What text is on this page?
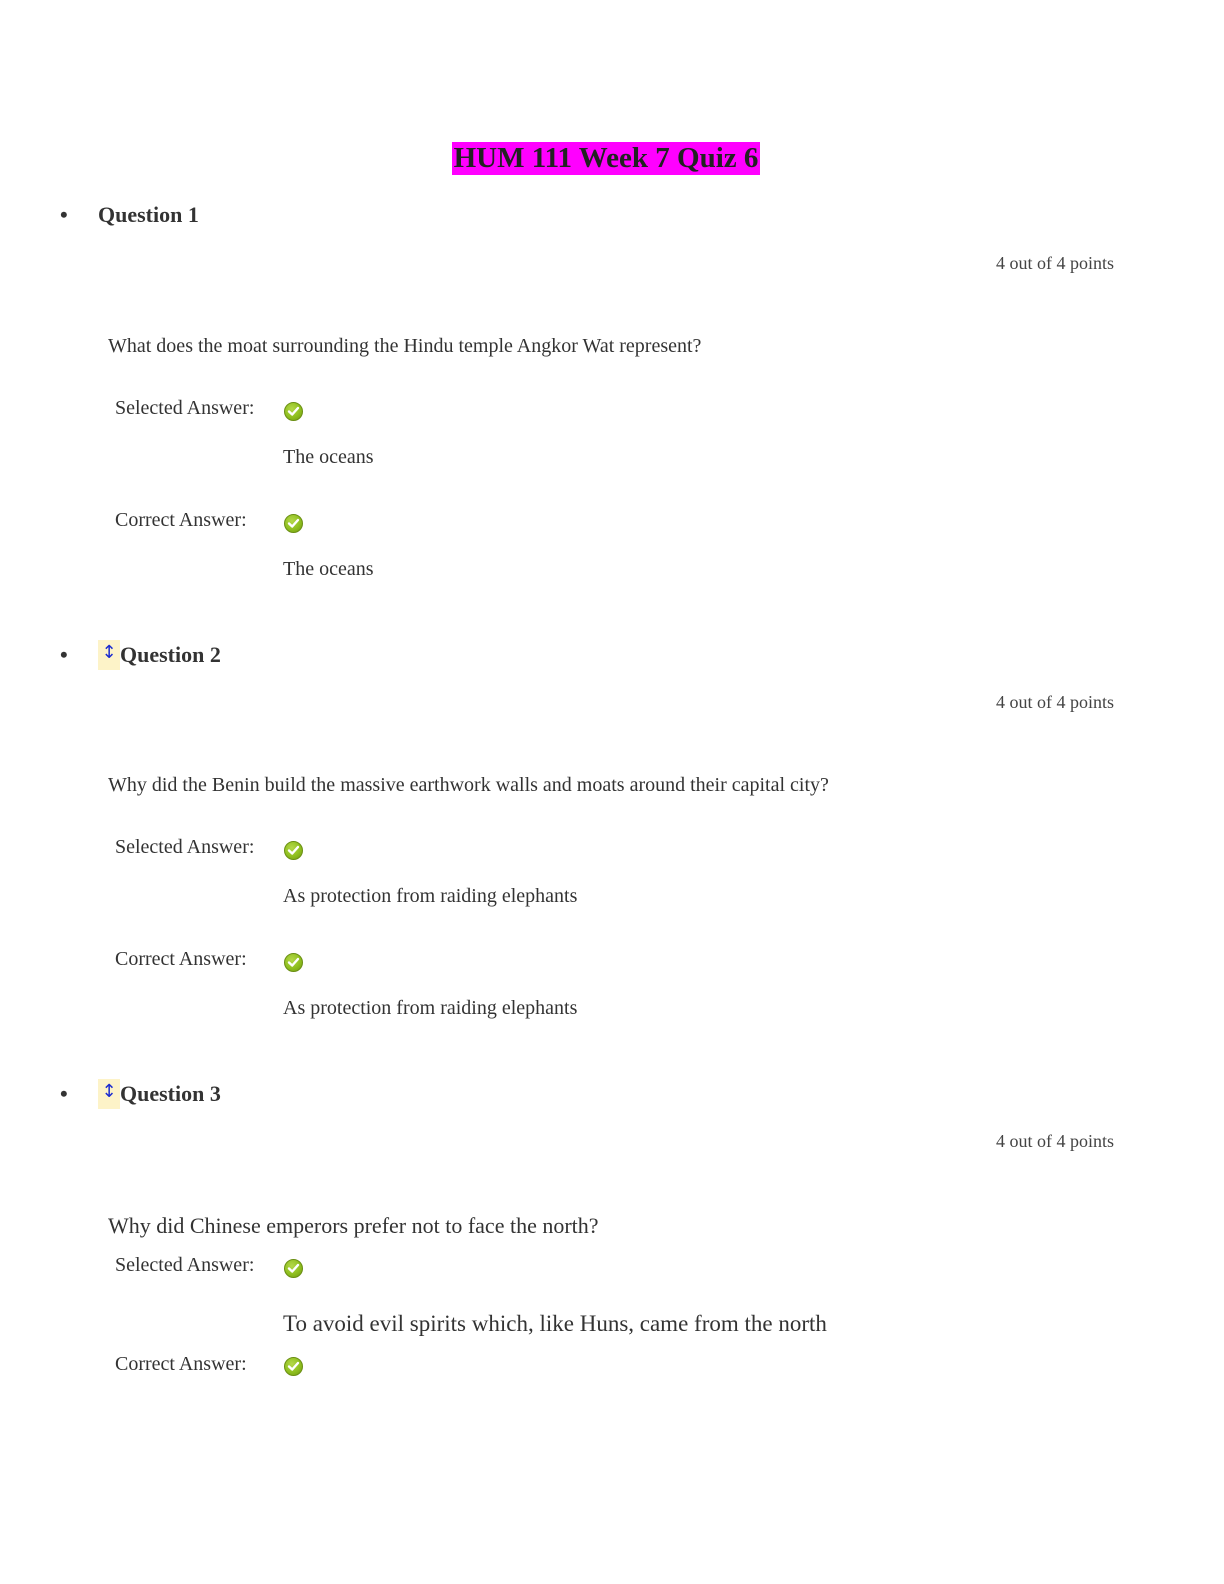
HUM 111 Week 7 Quiz 6
• Question 1
4 out of 4 points
What does the moat surrounding the Hindu temple Angkor Wat represent?
Selected Answer:
The oceans
Correct Answer:
The oceans
• ↕ Question 2
4 out of 4 points
Why did the Benin build the massive earthwork walls and moats around their capital city?
Selected Answer:
As protection from raiding elephants
Correct Answer:
As protection from raiding elephants
• ↕ Question 3
4 out of 4 points
Why did Chinese emperors prefer not to face the north?
Selected Answer:
To avoid evil spirits which, like Huns, came from the north
Correct Answer:
